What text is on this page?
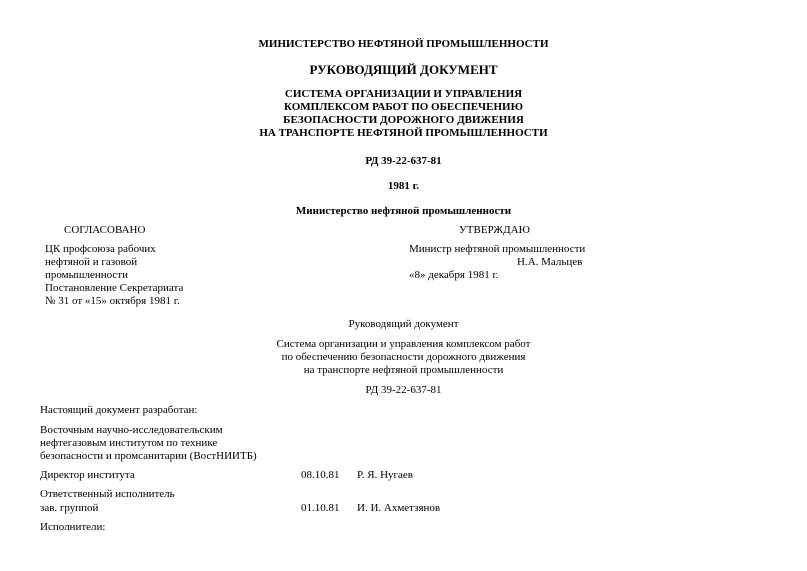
МИНИСТЕРСТВО НЕФТЯНОЙ ПРОМЫШЛЕННОСТИ
РУКОВОДЯЩИЙ ДОКУМЕНТ
СИСТЕМА ОРГАНИЗАЦИИ И УПРАВЛЕНИЯ
КОМПЛЕКСОМ РАБОТ ПО ОБЕСПЕЧЕНИЮ
БЕЗОПАСНОСТИ ДОРОЖНОГО ДВИЖЕНИЯ
НА ТРАНСПОРТЕ НЕФТЯНОЙ ПРОМЫШЛЕННОСТИ
РД 39-22-637-81
1981 г.
Министерство нефтяной промышленности
СОГЛАСОВАНО	УТВЕРЖДАЮ
ЦК профсоюза рабочих
нефтяной и газовой
промышленности
Постановление Секретариата
№ 31 от «15» октября 1981 г.
Министр нефтяной промышленности
Н.А. Мальцев
«8» декабря 1981 г.
Руководящий документ
Система организации и управления комплексом работ
по обеспечению безопасности дорожного движения
на транспорте нефтяной промышленности
РД 39-22-637-81
Настоящий документ разработан:
Восточным научно-исследовательским
нефтегазовым институтом по технике
безопасности и промсанитарии (ВостНИИТБ)
Директор института	08.10.81 Р. Я. Нугаев
Ответственный исполнитель
зав. группой	01.10.81 И. И. Ахметзянов
Исполнители:
